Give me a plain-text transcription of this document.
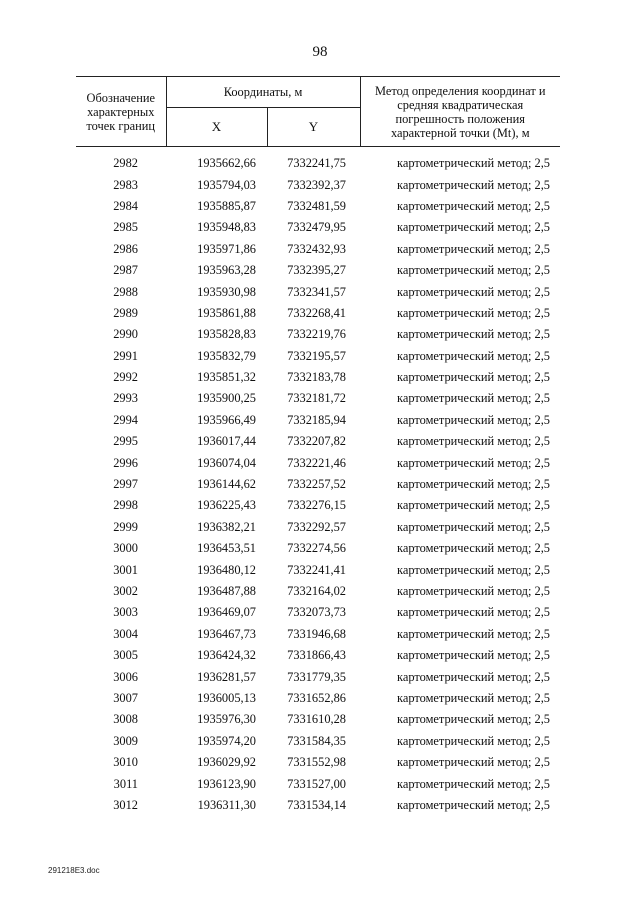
98
Обозначение характерных точек границ	Координаты, м		Метод определения координат и средняя квадратическая погрешность положения характерной точки (Mt), м
	X	Y	
2982	1935662,66	7332241,75	картометрический метод; 2,5
2983	1935794,03	7332392,37	картометрический метод; 2,5
2984	1935885,87	7332481,59	картометрический метод; 2,5
2985	1935948,83	7332479,95	картометрический метод; 2,5
2986	1935971,86	7332432,93	картометрический метод; 2,5
2987	1935963,28	7332395,27	картометрический метод; 2,5
2988	1935930,98	7332341,57	картометрический метод; 2,5
2989	1935861,88	7332268,41	картометрический метод; 2,5
2990	1935828,83	7332219,76	картометрический метод; 2,5
2991	1935832,79	7332195,57	картометрический метод; 2,5
2992	1935851,32	7332183,78	картометрический метод; 2,5
2993	1935900,25	7332181,72	картометрический метод; 2,5
2994	1935966,49	7332185,94	картометрический метод; 2,5
2995	1936017,44	7332207,82	картометрический метод; 2,5
2996	1936074,04	7332221,46	картометрический метод; 2,5
2997	1936144,62	7332257,52	картометрический метод; 2,5
2998	1936225,43	7332276,15	картометрический метод; 2,5
2999	1936382,21	7332292,57	картометрический метод; 2,5
3000	1936453,51	7332274,56	картометрический метод; 2,5
3001	1936480,12	7332241,41	картометрический метод; 2,5
3002	1936487,88	7332164,02	картометрический метод; 2,5
3003	1936469,07	7332073,73	картометрический метод; 2,5
3004	1936467,73	7331946,68	картометрический метод; 2,5
3005	1936424,32	7331866,43	картометрический метод; 2,5
3006	1936281,57	7331779,35	картометрический метод; 2,5
3007	1936005,13	7331652,86	картометрический метод; 2,5
3008	1935976,30	7331610,28	картометрический метод; 2,5
3009	1935974,20	7331584,35	картометрический метод; 2,5
3010	1936029,92	7331552,98	картометрический метод; 2,5
3011	1936123,90	7331527,00	картометрический метод; 2,5
3012	1936311,30	7331534,14	картометрический метод; 2,5
291218E3.doc
